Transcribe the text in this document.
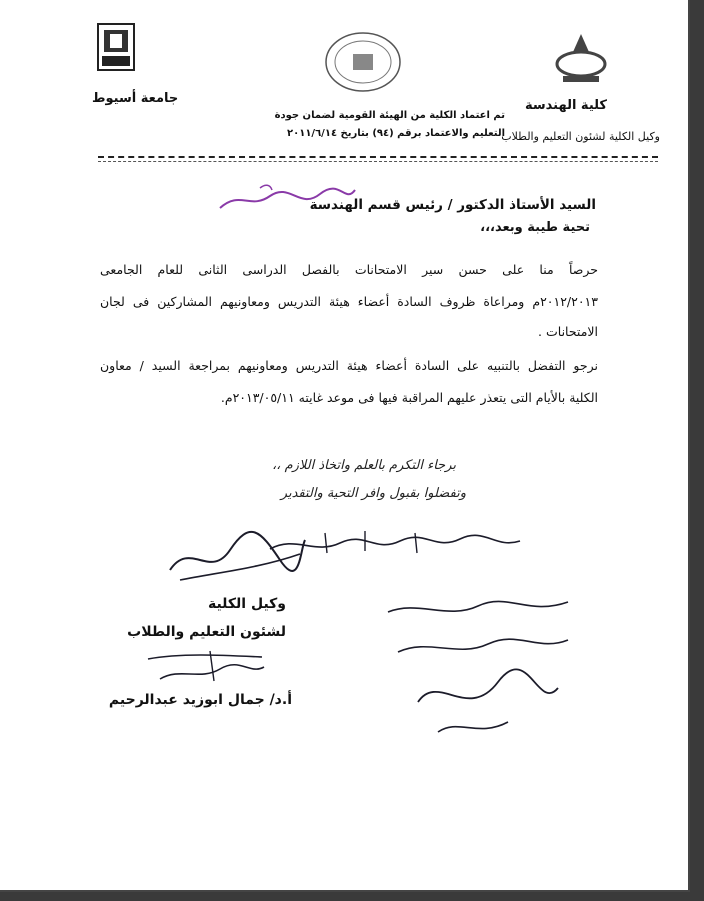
جامعة أسيوط	كلية الهندسة
تم اعتماد الكلية من الهيئة القومية لضمان جودة
التعليم والاعتماد برقم (٩٤) بتاريخ ٢٠١١/٦/١٤
وكيل الكلية لشئون التعليم والطلاب
السيد الأستاذ الدكتور / رئيس قسم الهندسة
تحية طيبة وبعد،،،
حرصاً منا على حسن سير الامتحانات بالفصل الدراسى الثانى للعام الجامعى
٢٠١٢/٢٠١٣م ومراعاة ظروف السادة أعضاء هيئة التدريس ومعاونيهم المشاركين فى لجان
الامتحانات .
نرجو التفضل بالتنبيه على السادة أعضاء هيئة التدريس ومعاونيهم بمراجعة السيد / معاون
الكلية بالأيام التى يتعذر عليهم المراقبة فيها فى موعد غايته ٢٠١٣/٠٥/١١م.
برجاء التكرم بالعلم واتخاذ اللازم ،،
وتفضلوا بقبول وافر التحية والتقدير
وكيل الكلية
لشئون التعليم والطلاب
أ.د/ جمال ابوزيد عبدالرحيم
